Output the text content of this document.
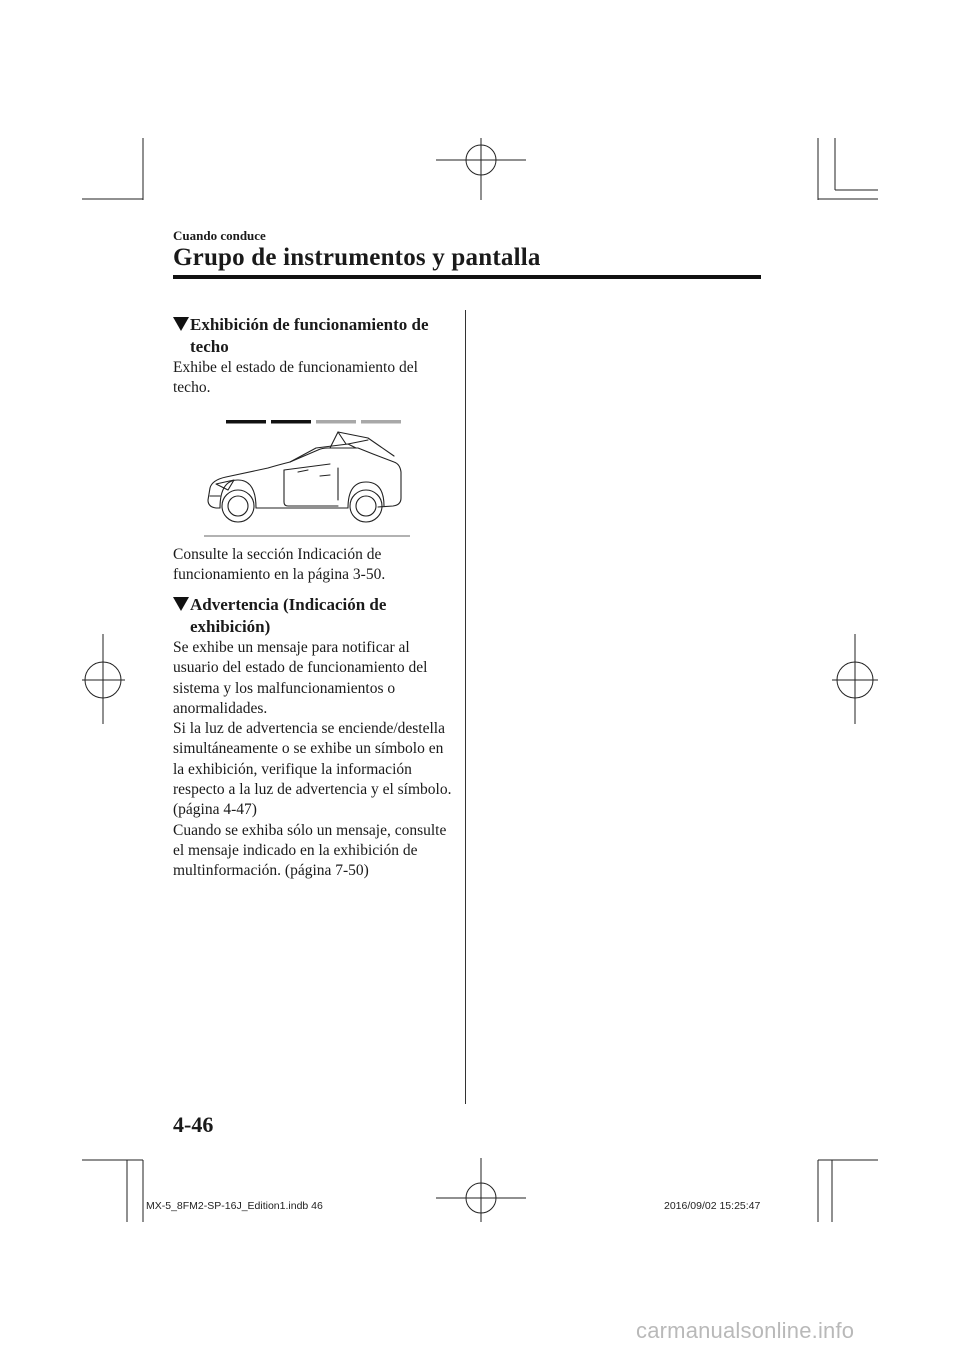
Cuando conduce
Grupo de instrumentos y pantalla
Exhibición de funcionamiento de techo
Exhibe el estado de funcionamiento del techo.
Consulte la sección Indicación de funcionamiento en la página 3-50.
Advertencia (Indicación de exhibición)
Se exhibe un mensaje para notificar al usuario del estado de funcionamiento del sistema y los malfuncionamientos o anormalidades.
Si la luz de advertencia se enciende/destella simultáneamente o se exhibe un símbolo en la exhibición, verifique la información respecto a la luz de advertencia y el símbolo. (página 4-47)
Cuando se exhiba sólo un mensaje, consulte el mensaje indicado en la exhibición de multinformación. (página 7-50)
4-46
MX-5_8FM2-SP-16J_Edition1.indb 46	2016/09/02 15:25:47
carmanualsonline.info
